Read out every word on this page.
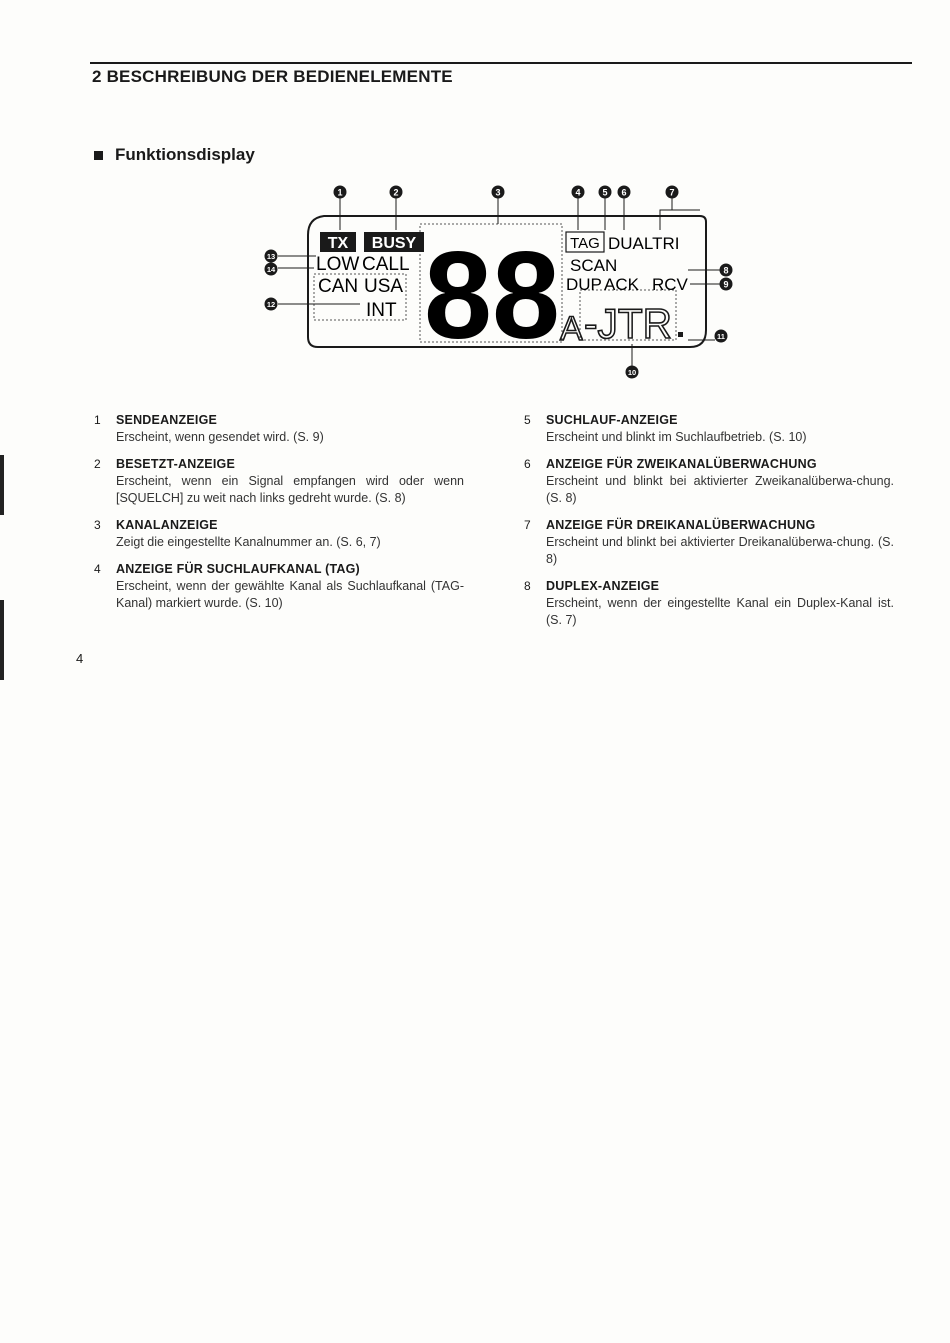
2 BESCHREIBUNG DER BEDIENELEMENTE
Funktionsdisplay
TX BUSY
LOW CALL
CAN USA
INT 88 A -JTR
TAG DUALTRI
SCAN
DUP ACK RCV
1	2	3	4 5 6	7
8
9
10
11
12
13
14
1 SENDEANZEIGE
Erscheint, wenn gesendet wird. (S. 9)
2 BESETZT-ANZEIGE
Erscheint, wenn ein Signal empfangen wird oder wenn [SQUELCH] zu weit nach links gedreht wurde. (S. 8)
3 KANALANZEIGE
Zeigt die eingestellte Kanalnummer an. (S. 6, 7)
4 ANZEIGE FÜR SUCHLAUFKANAL (TAG)
Erscheint, wenn der gewählte Kanal als Suchlaufkanal (TAG-Kanal) markiert wurde. (S. 10)
5 SUCHLAUF-ANZEIGE
Erscheint und blinkt im Suchlaufbetrieb. (S. 10)
6 ANZEIGE FÜR ZWEIKANALÜBERWACHUNG
Erscheint und blinkt bei aktivierter Zweikanalüberwa-chung. (S. 8)
7 ANZEIGE FÜR DREIKANALÜBERWACHUNG
Erscheint und blinkt bei aktivierter Dreikanalüberwa-chung. (S. 8)
8 DUPLEX-ANZEIGE
Erscheint, wenn der eingestellte Kanal ein Duplex-Kanal ist. (S. 7)
4
